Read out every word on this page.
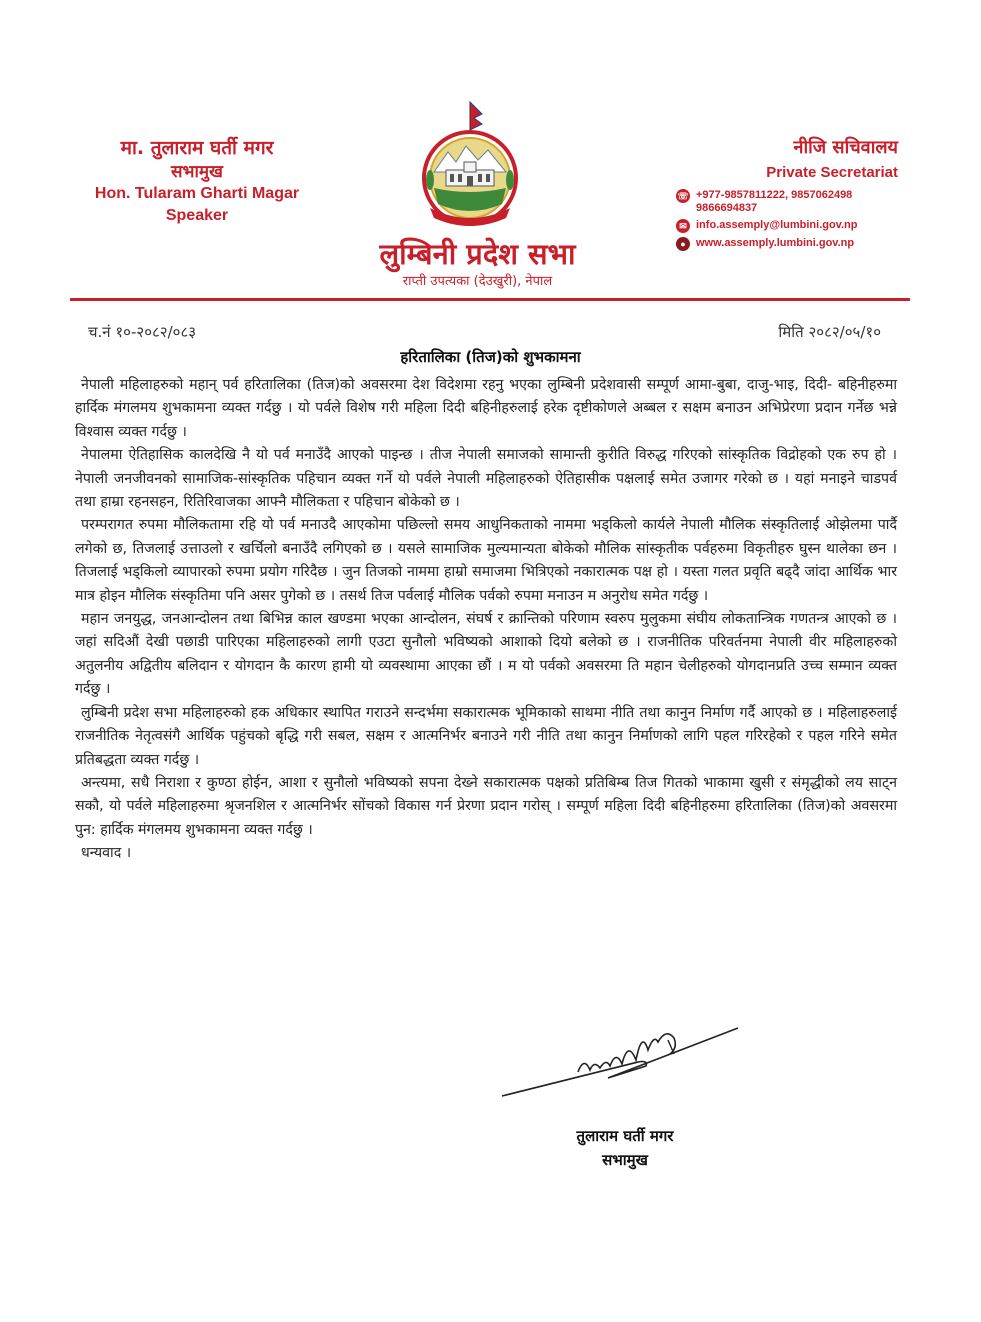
मा. तुलाराम घर्ती मगर
सभामुख
Hon. Tularam Gharti Magar
Speaker
लुम्बिनी प्रदेश सभा
राप्ती उपत्यका (देउखुरी), नेपाल
नीजि सचिवालय
Private Secretariat
☏ +977-9857811222, 9857062498 9866694837
✉ info.assemply@lumbini.gov.np
● www.assemply.lumbini.gov.np
च.नं १०-२०८२/०८३	मिति २०८२/०५/१०
हरितालिका (तिज)को शुभकामना

नेपाली महिलाहरुको महान् पर्व हरितालिका (तिज)को अवसरमा देश विदेशमा रहनु भएका लुम्बिनी प्रदेशवासी सम्पूर्ण आमा-बुबा, दाजु-भाइ, दिदी- बहिनीहरुमा हार्दिक मंगलमय शुभकामना व्यक्त गर्दछु । यो पर्वले विशेष गरी महिला दिदी बहिनीहरुलाई हरेक दृष्टीकोणले अब्बल र सक्षम बनाउन अभिप्रेरणा प्रदान गर्नेछ भन्ने विश्वास व्यक्त गर्दछु ।

नेपालमा ऐतिहासिक कालदेखि नै यो पर्व मनाउँदै आएको पाइन्छ । तीज नेपाली समाजको सामान्ती कुरीति विरुद्ध गरिएको सांस्कृतिक विद्रोहको एक रुप हो । नेपाली जनजीवनको सामाजिक-सांस्कृतिक पहिचान व्यक्त गर्ने यो पर्वले नेपाली महिलाहरुको ऐतिहासीक पक्षलाई समेत उजागर गरेको छ । यहां मनाइने चाडपर्व तथा हाम्रा रहनसहन, रितिरिवाजका आफ्नै मौलिकता र पहिचान बोकेको छ ।

परम्परागत रुपमा मौलिकतामा रहि यो पर्व मनाउदै आएकोमा पछिल्लो समय आधुनिकताको नाममा भड्किलो कार्यले नेपाली मौलिक संस्कृतिलाई ओझेलमा पार्दै लगेको छ, तिजलाई उत्ताउलो र खर्चिलो बनाउँदै लगिएको छ । यसले सामाजिक मुल्यमान्यता बोकेको मौलिक सांस्कृतीक पर्वहरुमा विकृतीहरु घुस्न थालेका छन । तिजलाई भड्किलो व्यापारको रुपमा प्रयोग गरिदैछ । जुन तिजको नाममा हाम्रो समाजमा भित्रिएको नकारात्मक पक्ष हो । यस्ता गलत प्रवृति बढ्दै जांदा आर्थिक भार मात्र होइन मौलिक संस्कृतिमा पनि असर पुगेको छ । तसर्थ तिज पर्वलाई मौलिक पर्वको रुपमा मनाउन म अनुरोध समेत गर्दछु ।

महान जनयुद्ध, जनआन्दोलन तथा बिभिन्न काल खण्डमा भएका आन्दोलन, संघर्ष र क्रान्तिको परिणाम स्वरुप मुलुकमा संघीय लोकतान्त्रिक गणतन्त्र आएको छ । जहां सदिऔं देखी पछाडी पारिएका महिलाहरुको लागी एउटा सुनौलो भविष्यको आशाको दियो बलेको छ । राजनीतिक परिवर्तनमा नेपाली वीर महिलाहरुको अतुलनीय अद्वितीय बलिदान र योगदान कै कारण हामी यो व्यवस्थामा आएका छौं । म यो पर्वको अवसरमा ति महान चेलीहरुको योगदानप्रति उच्च सम्मान व्यक्त गर्दछु ।

लुम्बिनी प्रदेश सभा महिलाहरुको हक अधिकार स्थापित गराउने सन्दर्भमा सकारात्मक भूमिकाको साथमा नीति तथा कानुन निर्माण गर्दै आएको छ । महिलाहरुलाई राजनीतिक नेतृत्वसंगै आर्थिक पहुंचको बृद्धि गरी सबल, सक्षम र आत्मनिर्भर बनाउने गरी नीति तथा कानुन निर्माणको लागि पहल गरिरहेको र पहल गरिने समेत प्रतिबद्धता व्यक्त गर्दछु ।

अन्त्यमा, सधै निराशा र कुण्ठा होईन, आशा र सुनौलो भविष्यको सपना देख्ने सकारात्मक पक्षको प्रतिबिम्ब तिज गितको भाकामा खुसी र संमृद्धीको लय साट्न सकौ, यो पर्वले महिलाहरुमा श्रृजनशिल र आत्मनिर्भर सोंचको विकास गर्न प्रेरणा प्रदान गरोस् । सम्पूर्ण महिला दिदी बहिनीहरुमा हरितालिका (तिज)को अवसरमा पुन: हार्दिक मंगलमय शुभकामना व्यक्त गर्दछु ।

धन्यवाद ।

तुलाराम घर्ती मगर
सभामुख
